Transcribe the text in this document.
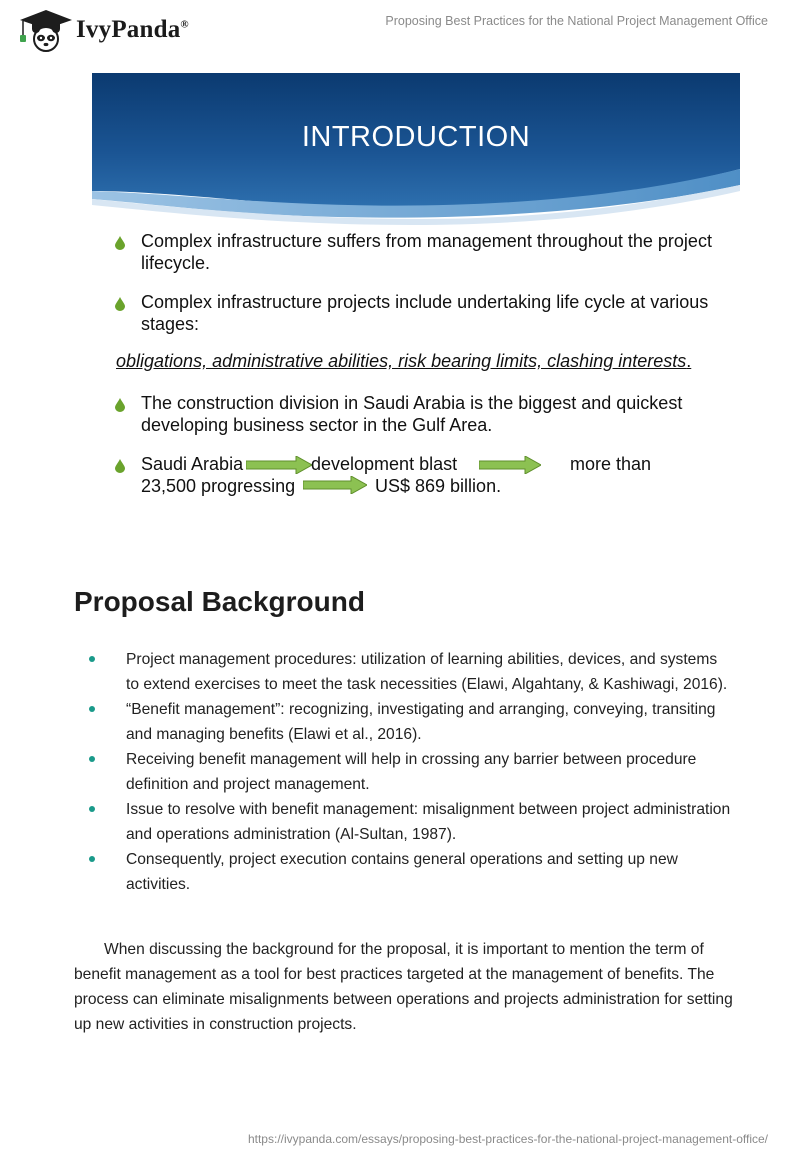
IvyPanda®	Proposing Best Practices for the National Project Management Office
INTRODUCTION
Complex infrastructure suffers from management throughout the project lifecycle.
Complex infrastructure projects include undertaking life cycle at various stages:
obligations, administrative abilities, risk bearing limits, clashing interests.
The construction division in Saudi Arabia is the biggest and quickest developing business sector in the Gulf Area.
Saudi Arabia	development blast	more than
23,500 progressing	US$ 869 billion.
Proposal Background
Project management procedures: utilization of learning abilities, devices, and systems to extend exercises to meet the task necessities (Elawi, Algahtany, & Kashiwagi, 2016).
“Benefit management”: recognizing, investigating and arranging, conveying, transiting and managing benefits (Elawi et al., 2016).
Receiving benefit management will help in crossing any barrier between procedure definition and project management.
Issue to resolve with benefit management: misalignment between project administration and operations administration (Al-Sultan, 1987).
Consequently, project execution contains general operations and setting up new activities.

When discussing the background for the proposal, it is important to mention the term of benefit management as a tool for best practices targeted at the management of benefits. The process can eliminate misalignments between operations and projects administration for setting up new activities in construction projects.

https://ivypanda.com/essays/proposing-best-practices-for-the-national-project-management-office/
